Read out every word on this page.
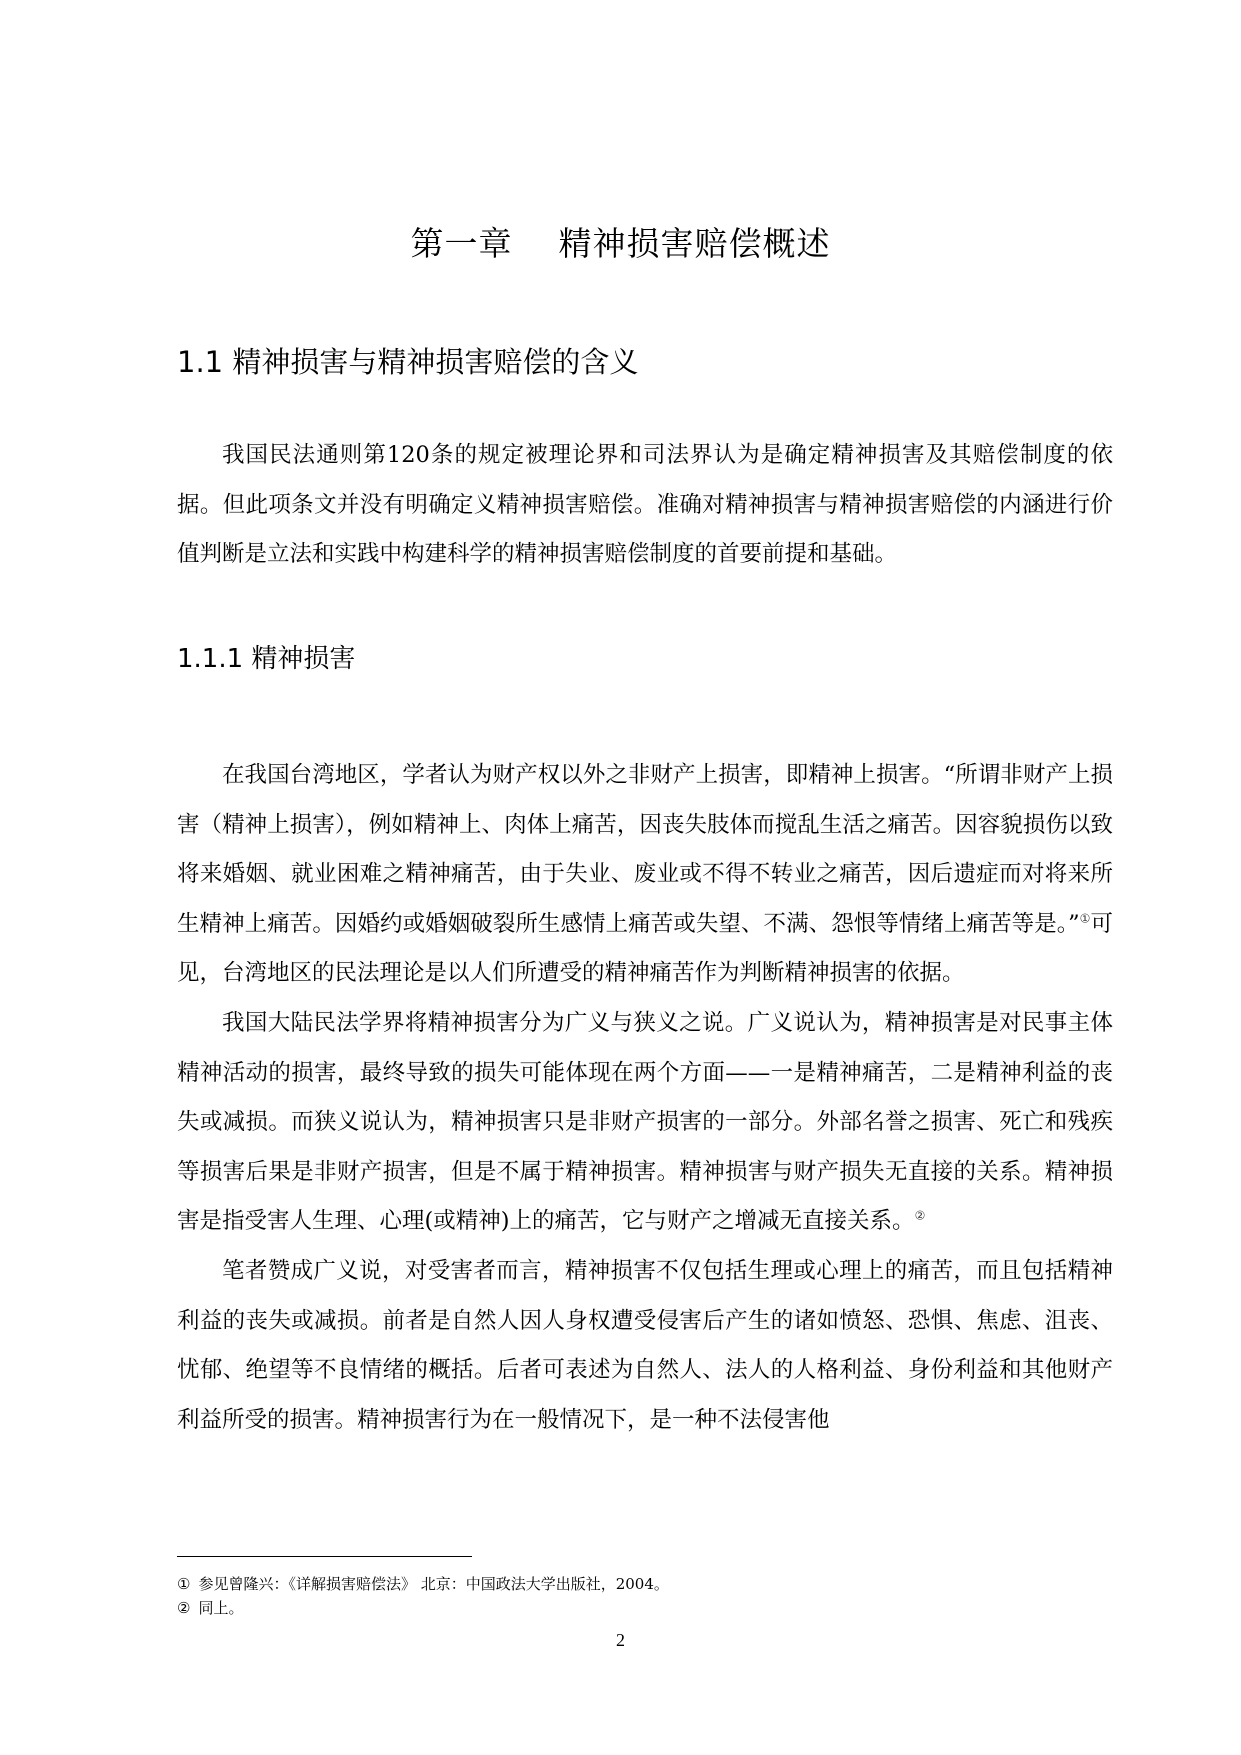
第一章 精神损害赔偿概述
1.1 精神损害与精神损害赔偿的含义

我国民法通则第120条的规定被理论界和司法界认为是确定精神损害及其赔偿制度的依据。但此项条文并没有明确定义精神损害赔偿。准确对精神损害与精神损害赔偿的内涵进行价值判断是立法和实践中构建科学的精神损害赔偿制度的首要前提和基础。

1.1.1 精神损害

在我国台湾地区，学者认为财产权以外之非财产上损害，即精神上损害。“所谓非财产上损害（精神上损害），例如精神上、肉体上痛苦，因丧失肢体而搅乱生活之痛苦。因容貌损伤以致将来婚姻、就业困难之精神痛苦，由于失业、废业或不得不转业之痛苦，因后遗症而对将来所生精神上痛苦。因婚约或婚姻破裂所生感情上痛苦或失望、不满、怨恨等情绪上痛苦等是。”①可见，台湾地区的民法理论是以人们所遭受的精神痛苦作为判断精神损害的依据。

我国大陆民法学界将精神损害分为广义与狭义之说。广义说认为，精神损害是对民事主体精神活动的损害，最终导致的损失可能体现在两个方面——一是精神痛苦，二是精神利益的丧失或减损。而狭义说认为，精神损害只是非财产损害的一部分。外部名誉之损害、死亡和残疾等损害后果是非财产损害，但是不属于精神损害。精神损害与财产损失无直接的关系。精神损害是指受害人生理、心理(或精神)上的痛苦，它与财产之增减无直接关系。②

笔者赞成广义说，对受害者而言，精神损害不仅包括生理或心理上的痛苦，而且包括精神利益的丧失或减损。前者是自然人因人身权遭受侵害后产生的诸如愤怒、恐惧、焦虑、沮丧、忧郁、绝望等不良情绪的概括。后者可表述为自然人、法人的人格利益、身份利益和其他财产利益所受的损害。精神损害行为在一般情况下，是一种不法侵害他

① 参见曾隆兴：《详解损害赔偿法》 北京：中国政法大学出版社，2004。

② 同上。

2
